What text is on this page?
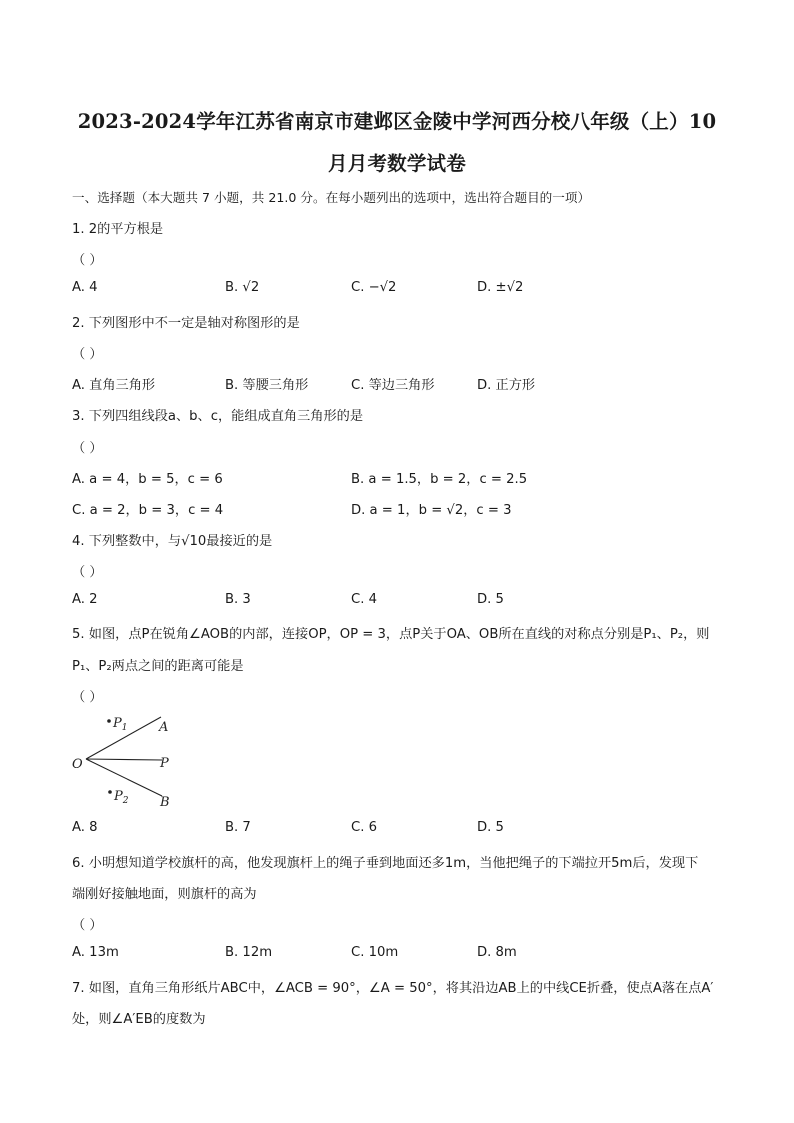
2023-2024学年江苏省南京市建邺区金陵中学河西分校八年级（上）10
月月考数学试卷
一、选择题（本大题共 7 小题，共 21.0 分。在每小题列出的选项中，选出符合题目的一项）
1. 2的平方根是
（ ）
A. 4	B. √2	C. −√2	D. ±√2
2. 下列图形中不一定是轴对称图形的是
（ ）
A. 直角三角形	B. 等腰三角形	C. 等边三角形	D. 正方形
3. 下列四组线段a、b、c，能组成直角三角形的是
（ ）
A. a = 4，b = 5，c = 6	B. a = 1.5，b = 2，c = 2.5
C. a = 2，b = 3，c = 4	D. a = 1，b = √2，c = 3
4. 下列整数中，与√10最接近的是
（ ）
A. 2	B. 3	C. 4	D. 5
5. 如图，点P在锐角∠AOB的内部，连接OP，OP = 3，点P关于OA、OB所在直线的对称点分别是P₁、P₂，则
P₁、P₂两点之间的距离可能是
（ ）
$P_1$ A
O	P
$P_2$ B
A. 8	B. 7	C. 6	D. 5
6. 小明想知道学校旗杆的高，他发现旗杆上的绳子垂到地面还多1m，当他把绳子的下端拉开5m后，发现下
端刚好接触地面，则旗杆的高为
（ ）
A. 13m	B. 12m	C. 10m	D. 8m
7. 如图，直角三角形纸片ABC中，∠ACB = 90°，∠A = 50°，将其沿边AB上的中线CE折叠，使点A落在点A′
处，则∠A′EB的度数为
